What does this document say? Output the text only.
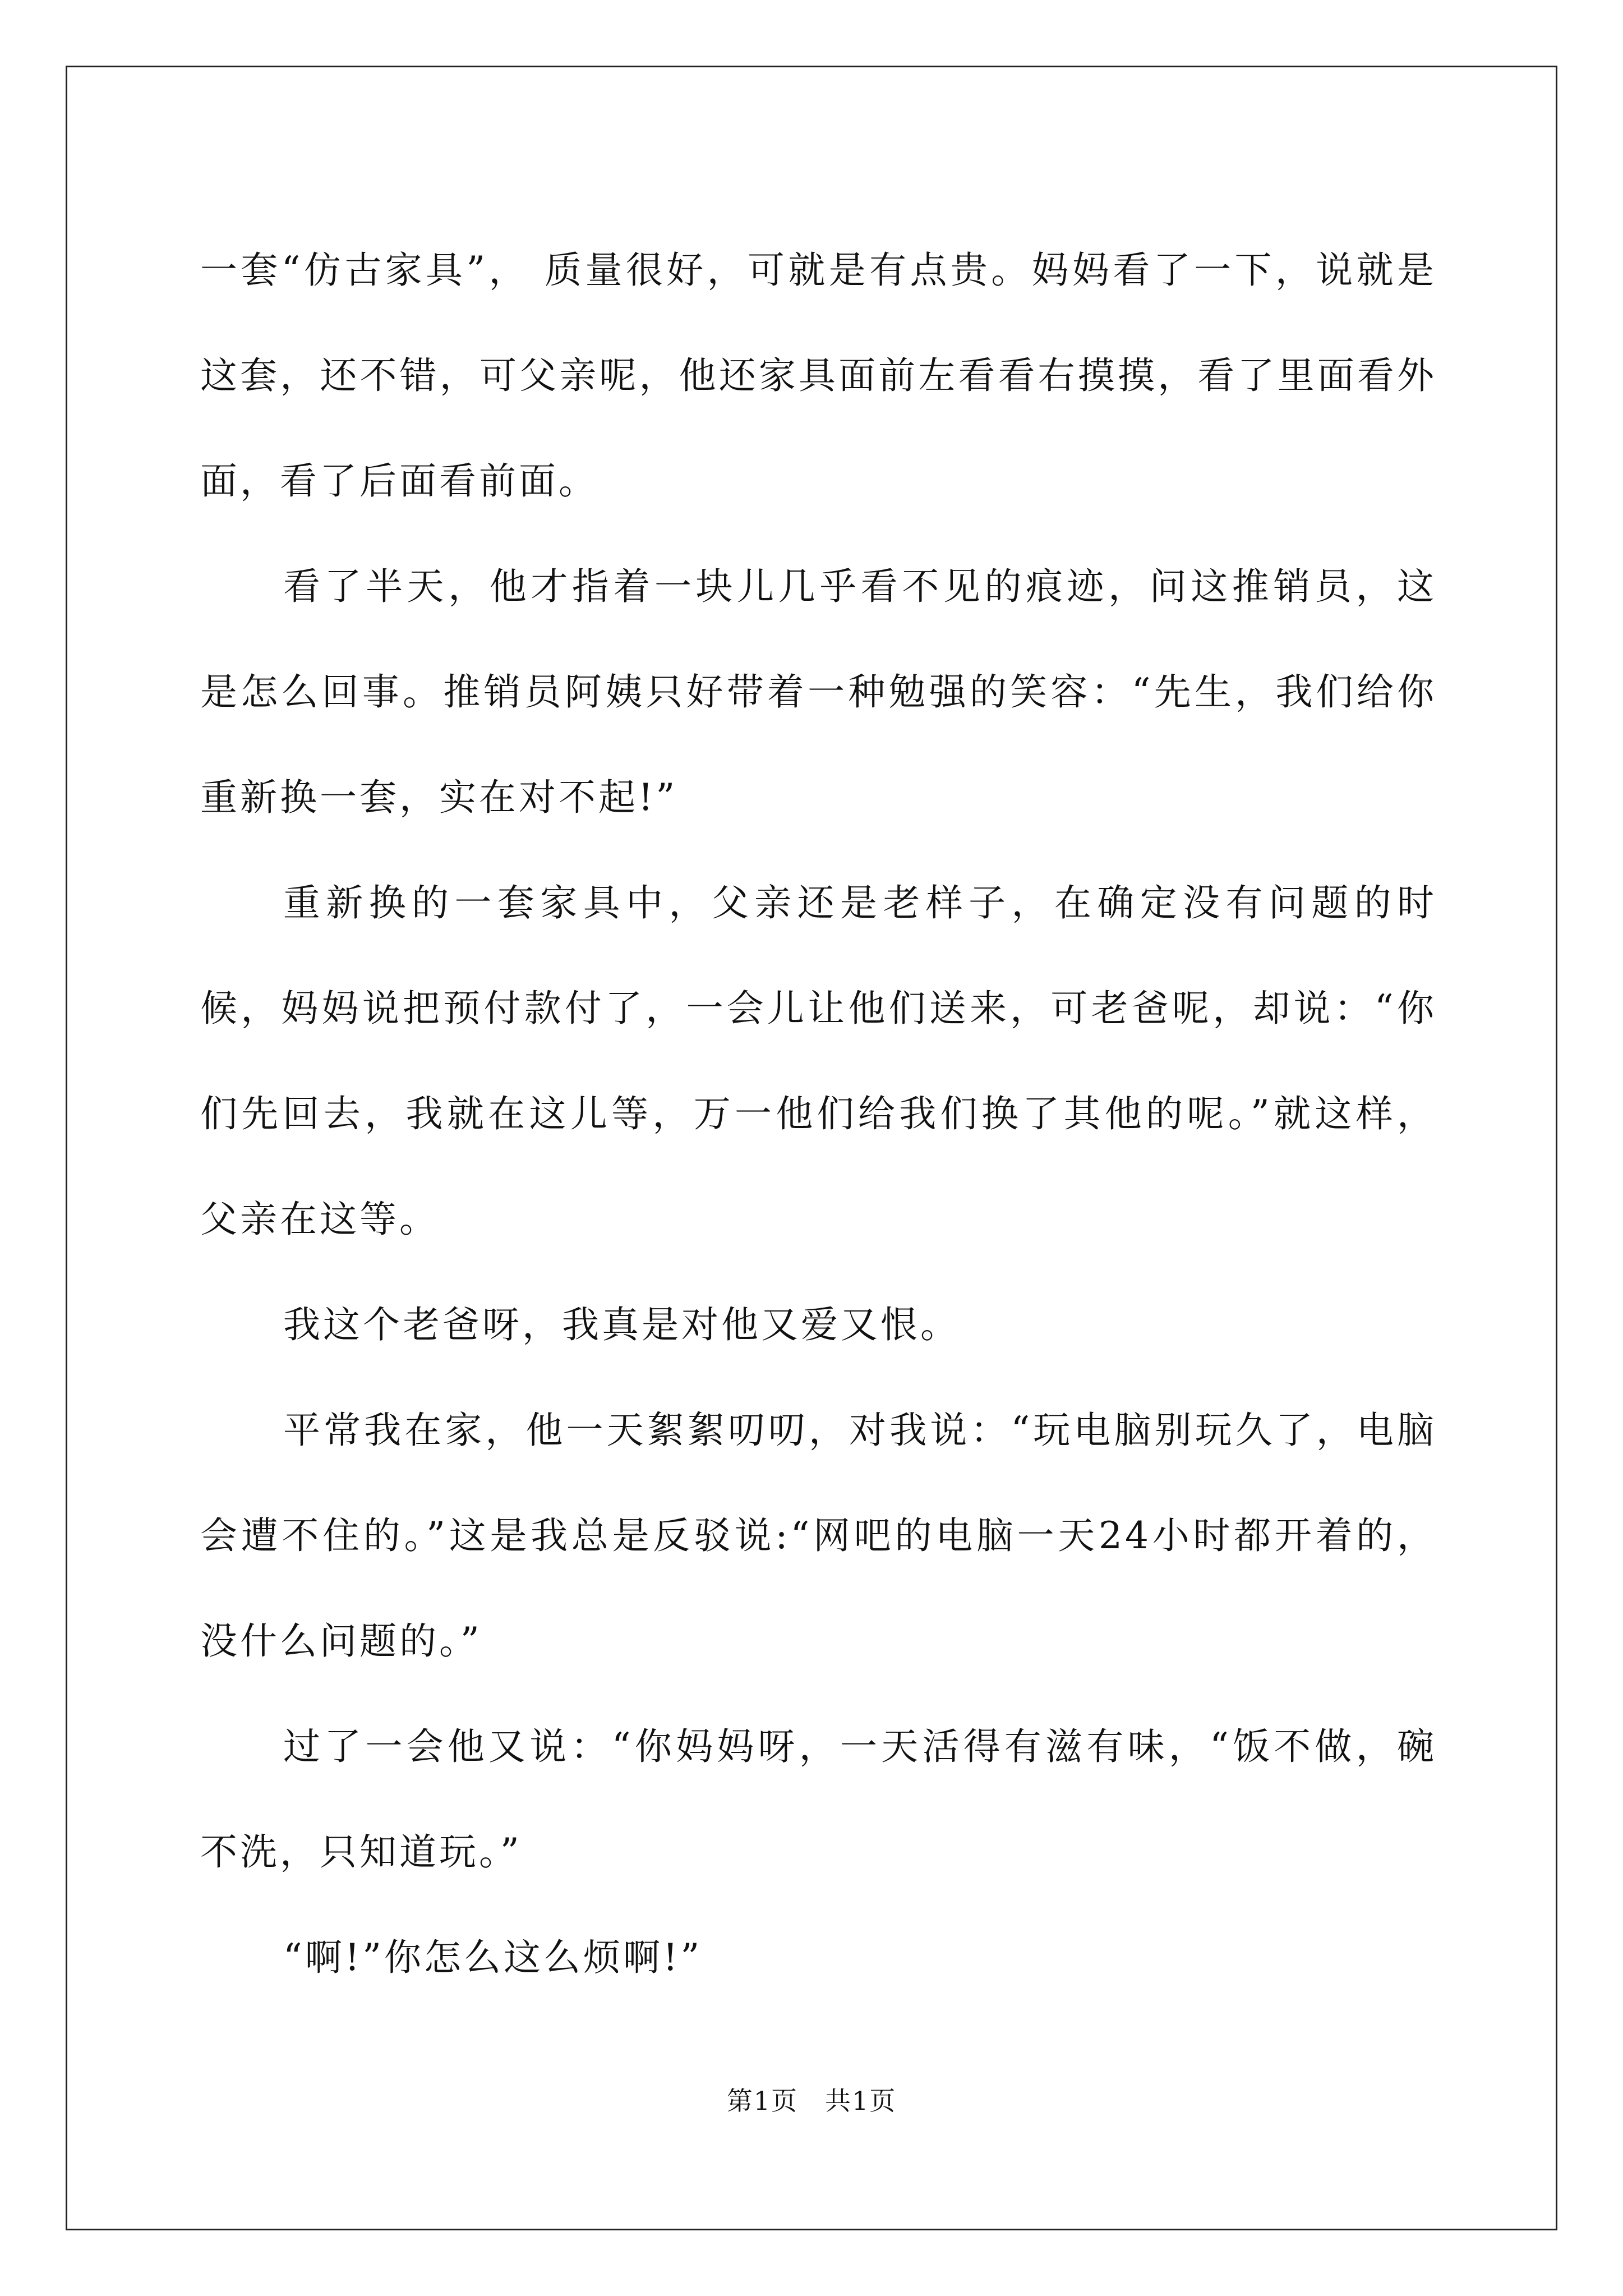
一套“仿古家具”， 质量很好，可就是有点贵。妈妈看了一下，说就是这套，还不错，可父亲呢，他还家具面前左看看右摸摸，看了里面看外面，看了后面看前面。

看了半天，他才指着一块儿几乎看不见的痕迹，问这推销员，这是怎么回事。推销员阿姨只好带着一种勉强的笑容：“先生，我们给你重新换一套，实在对不起!”

重新换的一套家具中，父亲还是老样子，在确定没有问题的时候，妈妈说把预付款付了，一会儿让他们送来，可老爸呢，却说：“你们先回去，我就在这儿等，万一他们给我们换了其他的呢。”就这样，父亲在这等。

我这个老爸呀，我真是对他又爱又恨。

平常我在家，他一天絮絮叨叨，对我说：“玩电脑别玩久了，电脑会遭不住的。”这是我总是反驳说:“网吧的电脑一天24小时都开着的，没什么问题的。”

过了一会他又说：“你妈妈呀，一天活得有滋有味，“饭不做，碗不洗，只知道玩。”

“啊!”你怎么这么烦啊!”

第1页 共1页
